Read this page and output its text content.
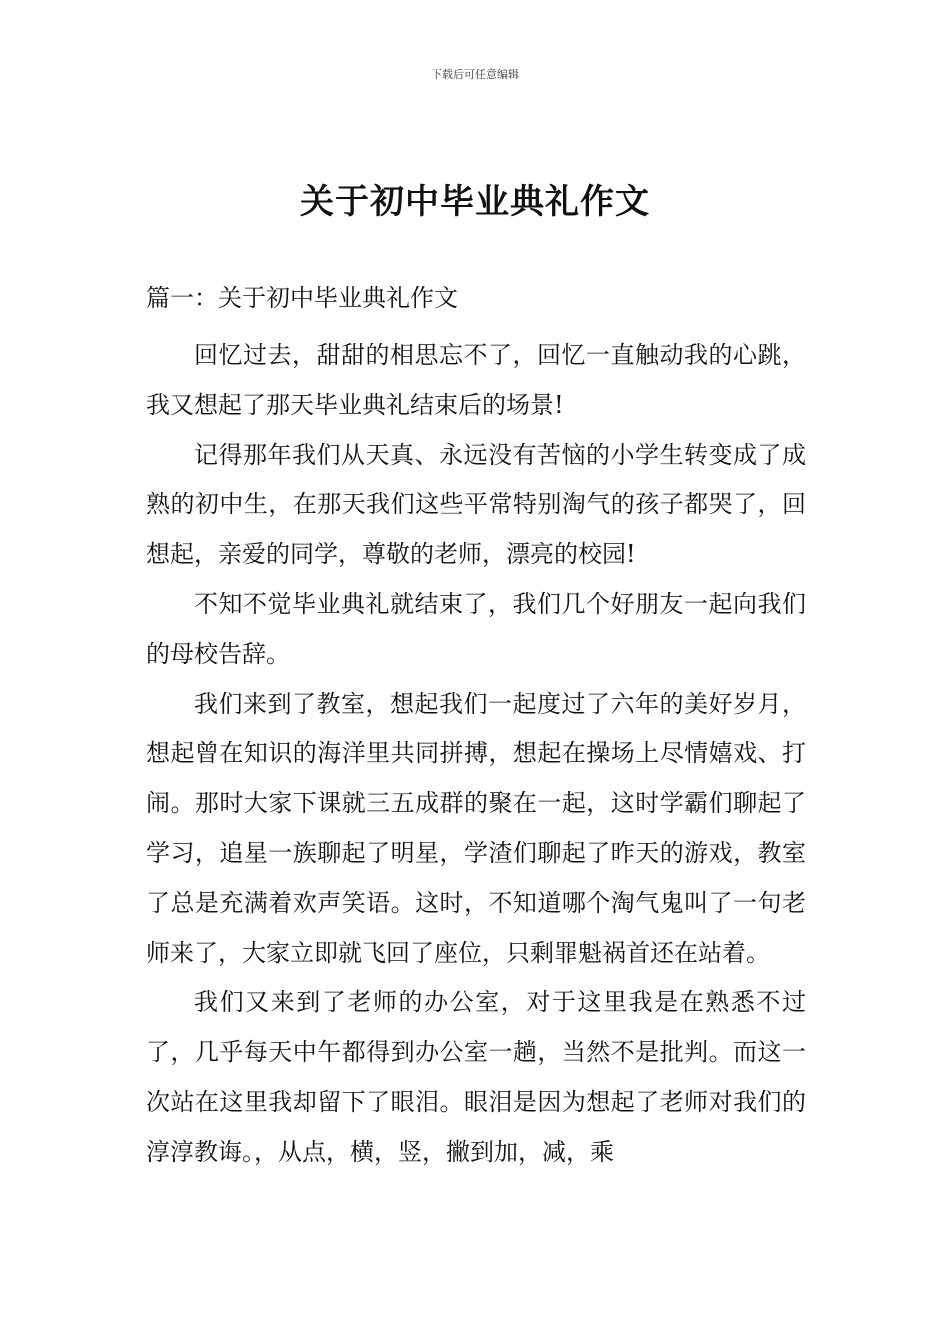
下载后可任意编辑
关于初中毕业典礼作文
篇一：关于初中毕业典礼作文

回忆过去，甜甜的相思忘不了，回忆一直触动我的心跳，我又想起了那天毕业典礼结束后的场景!

记得那年我们从天真、永远没有苦恼的小学生转变成了成熟的初中生，在那天我们这些平常特别淘气的孩子都哭了，回想起，亲爱的同学，尊敬的老师，漂亮的校园!

不知不觉毕业典礼就结束了，我们几个好朋友一起向我们的母校告辞。

我们来到了教室，想起我们一起度过了六年的美好岁月，想起曾在知识的海洋里共同拼搏，想起在操场上尽情嬉戏、打闹。那时大家下课就三五成群的聚在一起，这时学霸们聊起了学习，追星一族聊起了明星，学渣们聊起了昨天的游戏，教室了总是充满着欢声笑语。这时，不知道哪个淘气鬼叫了一句老师来了，大家立即就飞回了座位，只剩罪魁祸首还在站着。

我们又来到了老师的办公室，对于这里我是在熟悉不过了，几乎每天中午都得到办公室一趟，当然不是批判。而这一次站在这里我却留下了眼泪。眼泪是因为想起了老师对我们的淳淳教诲。，从点，横，竖，撇到加，减，乘
